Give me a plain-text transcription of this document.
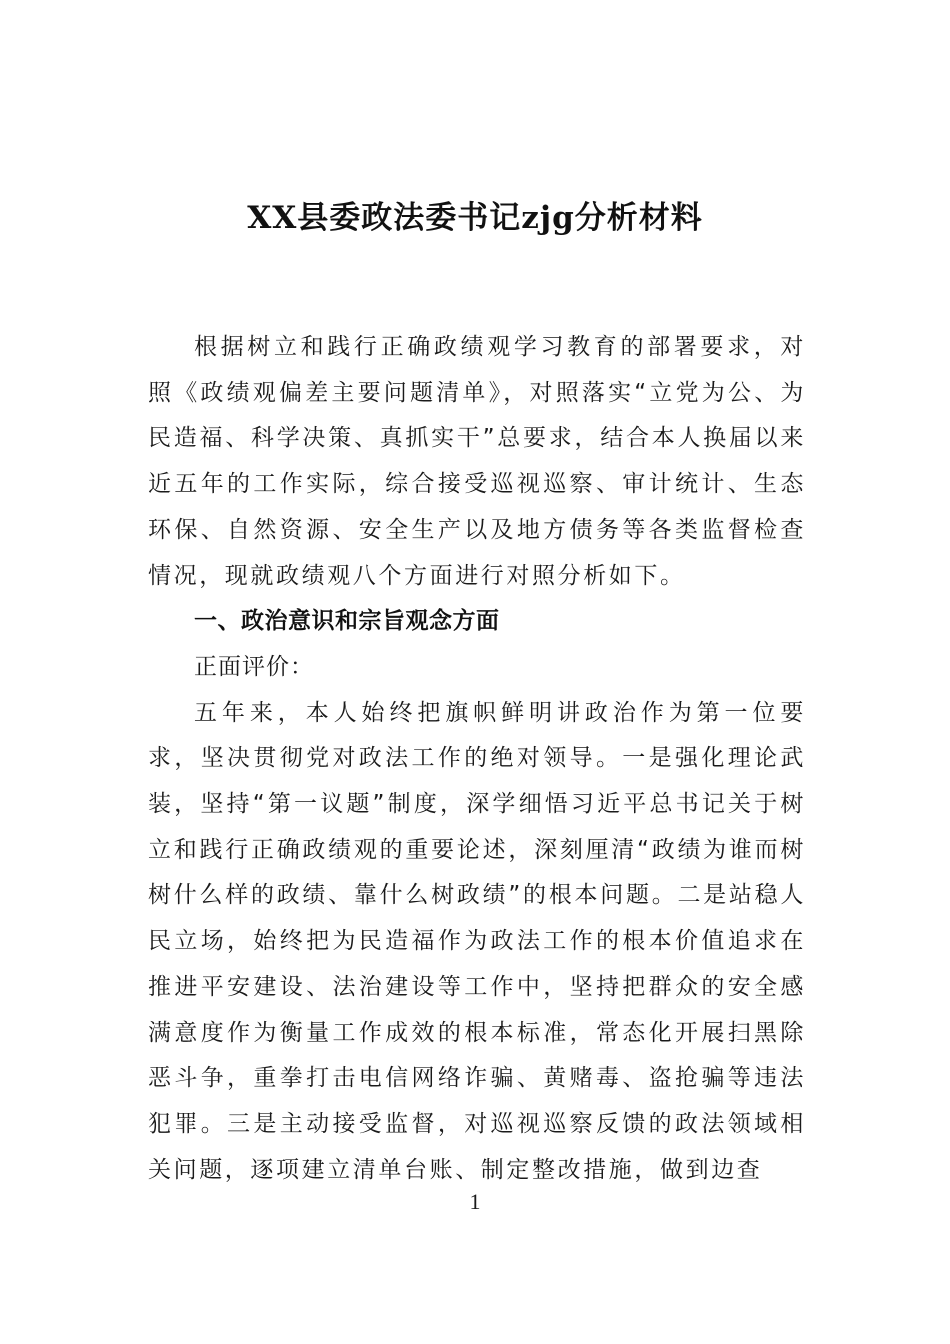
XX县委政法委书记zjg分析材料

根据树立和践行正确政绩观学习教育的部署要求，对照《政绩观偏差主要问题清单》，对照落实“立党为公、为民造福、科学决策、真抓实干”总要求，结合本人换届以来近五年的工作实际，综合接受巡视巡察、审计统计、生态环保、自然资源、安全生产以及地方债务等各类监督检查情况，现就政绩观八个方面进行对照分析如下。

一、政治意识和宗旨观念方面

正面评价：

五年来，本人始终把旗帜鲜明讲政治作为第一位要求，坚决贯彻党对政法工作的绝对领导。一是强化理论武装，坚持“第一议题”制度，深学细悟习近平总书记关于树立和践行正确政绩观的重要论述，深刻厘清“政绩为谁而树树什么样的政绩、靠什么树政绩”的根本问题。二是站稳人民立场，始终把为民造福作为政法工作的根本价值追求在推进平安建设、法治建设等工作中，坚持把群众的安全感满意度作为衡量工作成效的根本标准，常态化开展扫黑除恶斗争，重拳打击电信网络诈骗、黄赌毒、盗抢骗等违法犯罪。三是主动接受监督，对巡视巡察反馈的政法领域相关问题，逐项建立清单台账、制定整改措施，做到边查

1
